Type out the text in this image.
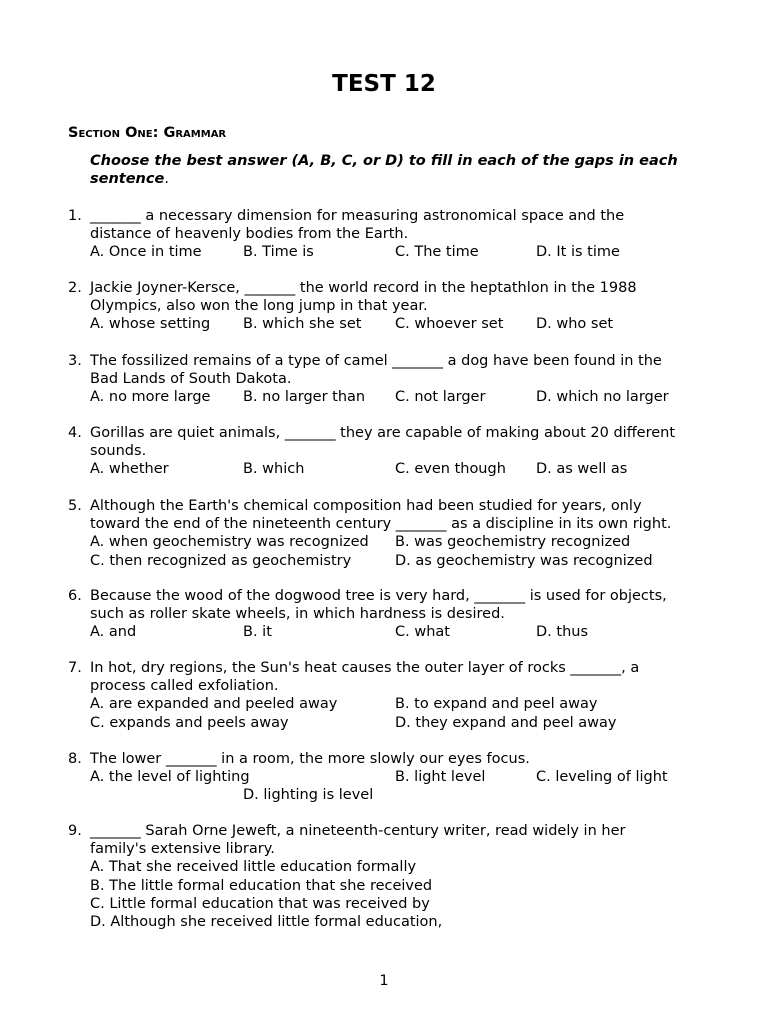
TEST 12
Section One: Grammar
Choose the best answer (A, B, C, or D) to fill in each of the gaps in each sentence.
1. _______ a necessary dimension for measuring astronomical space and the
distance of heavenly bodies from the Earth.
A. Once in time	B. Time is	C. The time	D. It is time
2. Jackie Joyner-Kersce, _______ the world record in the heptathlon in the 1988
Olympics, also won the long jump in that year.
A. whose setting	B. which she set	C. whoever set	D. who set
3. The fossilized remains of a type of camel _______ a dog have been found in the
Bad Lands of South Dakota.
A. no more large	B. no larger than	C. not larger	D. which no larger
4. Gorillas are quiet animals, _______ they are capable of making about 20 different
sounds.
A. whether	B. which	C. even though	D. as well as
5. Although the Earth's chemical composition had been studied for years, only
toward the end of the nineteenth century _______ as a discipline in its own right.
A. when geochemistry was recognized	B. was geochemistry recognized
C. then recognized as geochemistry	D. as geochemistry was recognized
6. Because the wood of the dogwood tree is very hard, _______ is used for objects,
such as roller skate wheels, in which hardness is desired.
A. and	B. it	C. what	D. thus
7. In hot, dry regions, the Sun's heat causes the outer layer of rocks _______, a
process called exfoliation.
A. are expanded and peeled away	B. to expand and peel away
C. expands and peels away	D. they expand and peel away
8. The lower _______ in a room, the more slowly our eyes focus.
A. the level of lighting	B. light level	C. leveling of light
D. lighting is level
9. _______ Sarah Orne Jeweft, a nineteenth-century writer, read widely in her
family's extensive library.
A. That she received little education formally
B. The little formal education that she received
C. Little formal education that was received by
D. Although she received little formal education,
1
